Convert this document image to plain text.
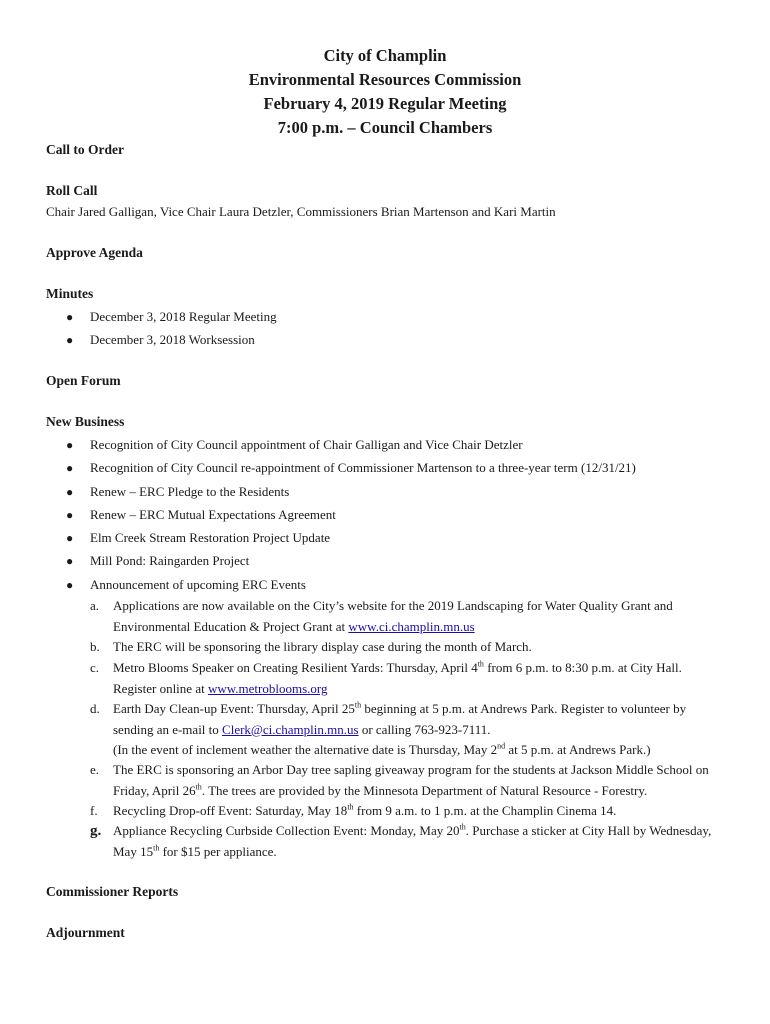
City of Champlin
Environmental Resources Commission
February 4, 2019 Regular Meeting
7:00 p.m. – Council Chambers
Call to Order
Roll Call
Chair Jared Galligan, Vice Chair Laura Detzler, Commissioners Brian Martenson and Kari Martin
Approve Agenda
Minutes
● December 3, 2018 Regular Meeting
● December 3, 2018 Worksession
Open Forum
New Business
● Recognition of City Council appointment of Chair Galligan and Vice Chair Detzler
● Recognition of City Council re-appointment of Commissioner Martenson to a three-year term (12/31/21)
● Renew – ERC Pledge to the Residents
● Renew – ERC Mutual Expectations Agreement
● Elm Creek Stream Restoration Project Update
● Mill Pond: Raingarden Project
● Announcement of upcoming ERC Events
a. Applications are now available on the City’s website for the 2019 Landscaping for Water Quality Grant and Environmental Education & Project Grant at www.ci.champlin.mn.us
b. The ERC will be sponsoring the library display case during the month of March.
c. Metro Blooms Speaker on Creating Resilient Yards: Thursday, April 4th from 6 p.m. to 8:30 p.m. at City Hall. Register online at www.metroblooms.org
d. Earth Day Clean-up Event: Thursday, April 25th beginning at 5 p.m. at Andrews Park. Register to volunteer by sending an e-mail to Clerk@ci.champlin.mn.us or calling 763-923-7111.
(In the event of inclement weather the alternative date is Thursday, May 2nd at 5 p.m. at Andrews Park.)
e. The ERC is sponsoring an Arbor Day tree sapling giveaway program for the students at Jackson Middle School on Friday, April 26th. The trees are provided by the Minnesota Department of Natural Resource - Forestry.
f. Recycling Drop-off Event: Saturday, May 18th from 9 a.m. to 1 p.m. at the Champlin Cinema 14.
g. Appliance Recycling Curbside Collection Event: Monday, May 20th. Purchase a sticker at City Hall by Wednesday, May 15th for $15 per appliance.
Commissioner Reports
Adjournment
